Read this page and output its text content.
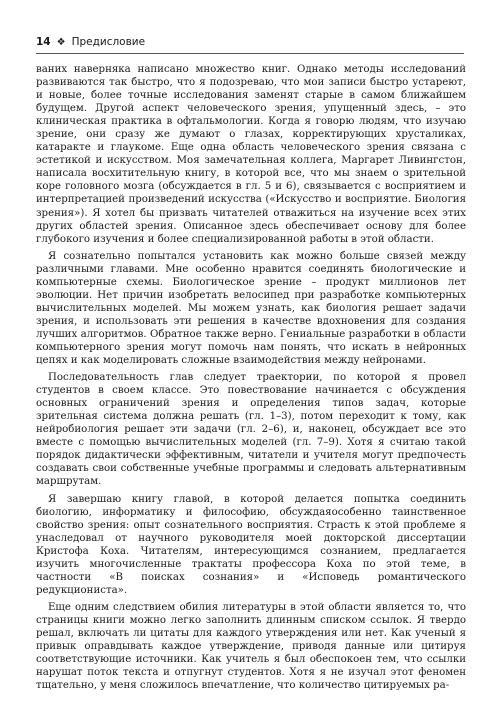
14 ❖ Предисловие

ваних наверняка написано множество книг. Однако методы исследований развиваются так быстро, что я подозреваю, что мои записи быстро устареют, и новые, более точные исследования заменят старые в самом ближайшем будущем. Другой аспект человеческого зрения, упущенный здесь, – это клиническая практика в офтальмологии. Когда я говорю людям, что изучаю зрение, они сразу же думают о глазах, корректирующих хрусталиках, катаракте и глаукоме. Еще одна область человеческого зрения связана с эстетикой и искусством. Моя замечательная коллега, Маргарет Ливингстон, написала восхитительную книгу, в которой все, что мы знаем о зрительной коре головного мозга (обсуждается в гл. 5 и 6), связывается с восприятием и интерпретацией произведений искусства («Искусство и восприятие. Биология зрения»). Я хотел бы призвать читателей отважиться на изучение всех этих других областей зрения. Описанное здесь обеспечивает основу для более глубокого изучения и более специализированной работы в этой области.

Я сознательно попытался установить как можно больше связей между различными главами. Мне особенно нравится соединять биологические и компьютерные схемы. Биологическое зрение – продукт миллионов лет эволюции. Нет причин изобретать велосипед при разработке компьютерных вычислительных моделей. Мы можем узнать, как биология решает задачи зрения, и использовать эти решения в качестве вдохновения для создания лучших алгоритмов. Обратное также верно. Гениальные разработки в области компьютерного зрения могут помочь нам понять, что искать в нейронных цепях и как моделировать сложные взаимодействия между нейронами.

Последовательность глав следует траектории, по которой я провел студентов в своем классе. Это повествование начинается с обсуждения основных ограничений зрения и определения типов задач, которые зрительная система должна решать (гл. 1–3), потом переходит к тому, как нейробиология решает эти задачи (гл. 2–6), и, наконец, обсуждает все это вместе с помощью вычислительных моделей (гл. 7–9). Хотя я считаю такой порядок дидактически эффективным, читатели и учителя могут предпочесть создавать свои собственные учебные программы и следовать альтернативным маршрутам.

Я завершаю книгу главой, в которой делается попытка соединить биологию, информатику и философию, обсуждаяособенно таинственное свойство зрения: опыт сознательного восприятия. Страсть к этой проблеме я унаследовал от научного руководителя моей докторской диссертации Кристофа Коха. Читателям, интересующимся сознанием, предлагается изучить многочисленные трактаты профессора Коха по этой теме, в частности «В поисках сознания» и «Исповедь романтического редукциониста».

Еще одним следствием обилия литературы в этой области является то, что страницы книги можно легко заполнить длинным списком ссылок. Я твердо решал, включать ли цитаты для каждого утверждения или нет. Как ученый я привык оправдывать каждое утверждение, приводя данные или цитируя соответствующие источники. Как учитель я был обеспокоен тем, что ссылки нарушат поток текста и отпугнут студентов. Хотя я не изучал этот феномен тщательно, у меня сложилось впечатление, что количество цитируемых ра-
